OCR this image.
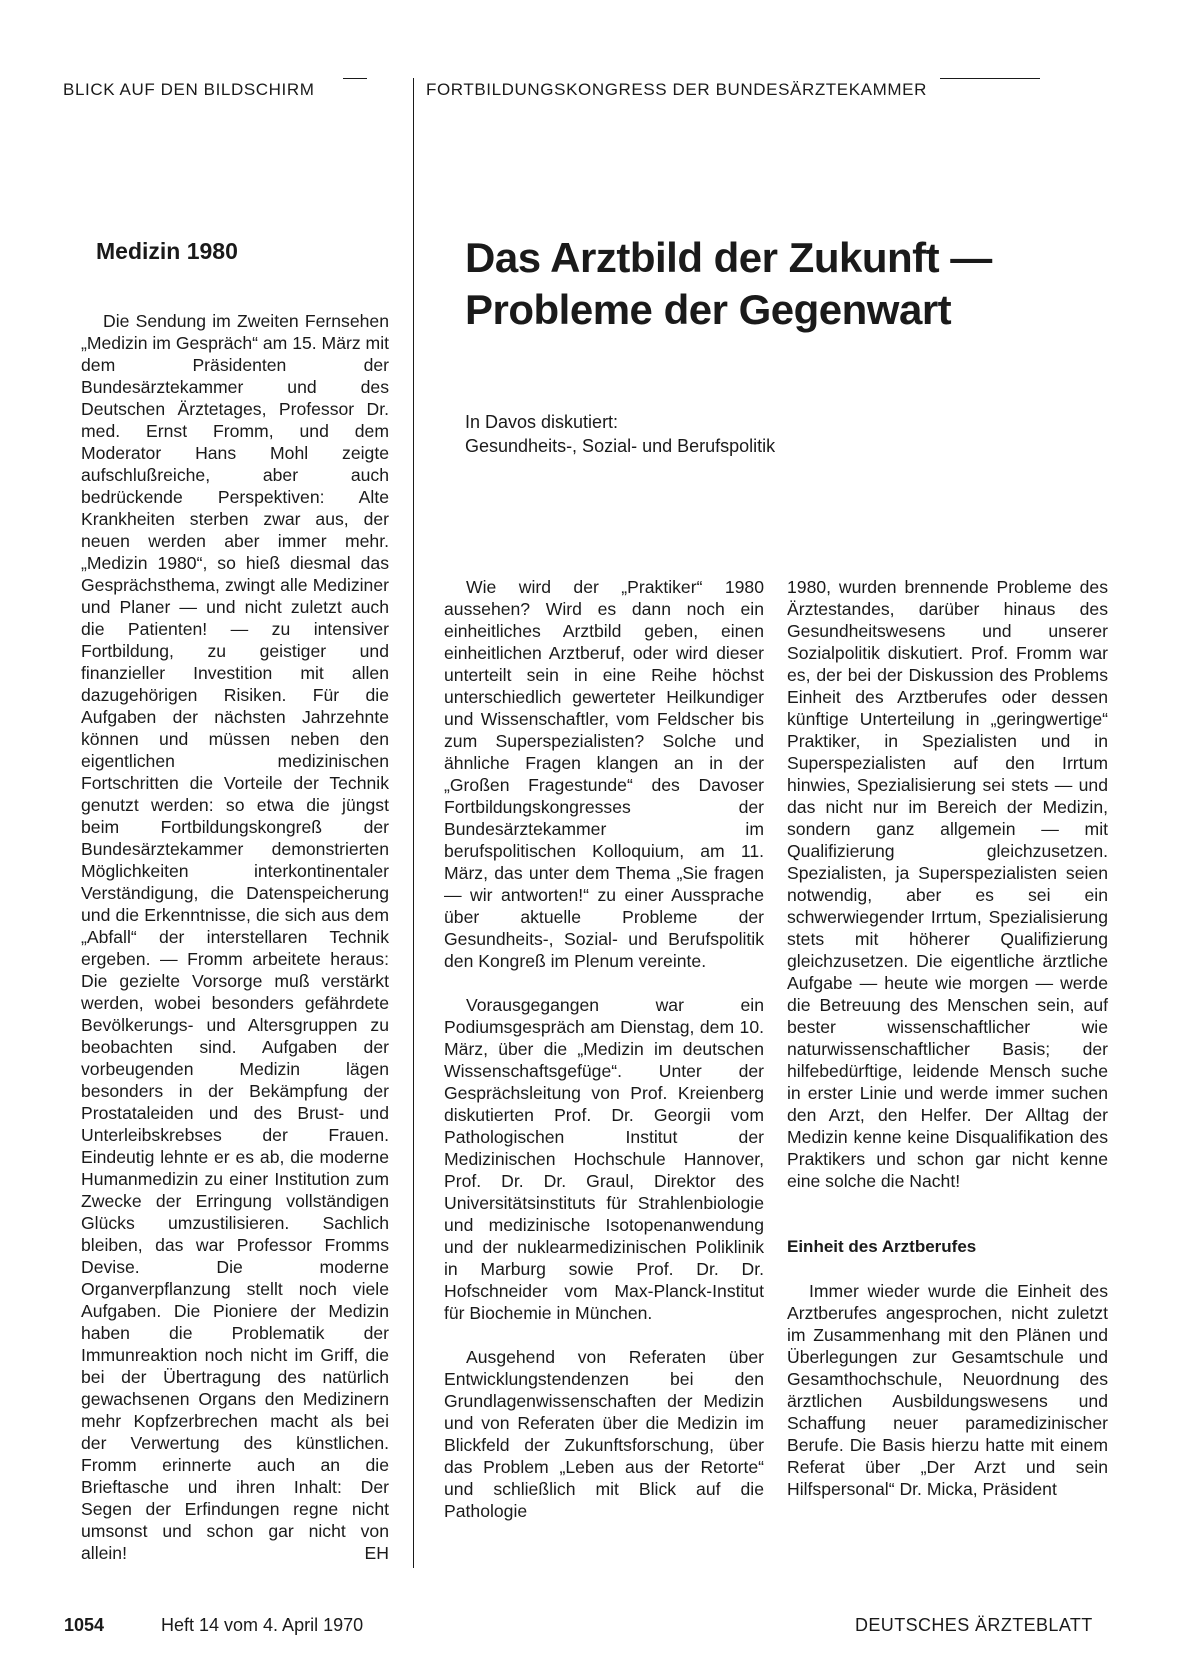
BLICK AUF DEN BILDSCHIRM	FORTBILDUNGSKONGRESS DER BUNDESÄRZTEKAMMER
Medizin 1980

Die Sendung im Zweiten Fernsehen „Medizin im Gespräch“ am 15. März mit dem Präsidenten der Bundesärztekammer und des Deutschen Ärztetages, Professor Dr. med. Ernst Fromm, und dem Moderator Hans Mohl zeigte aufschlußreiche, aber auch bedrückende Perspektiven: Alte Krankheiten sterben zwar aus, der neuen werden aber immer mehr. „Medizin 1980“, so hieß diesmal das Gesprächsthema, zwingt alle Mediziner und Planer — und nicht zuletzt auch die Patienten! — zu intensiver Fortbildung, zu geistiger und finanzieller Investition mit allen dazugehörigen Risiken. Für die Aufgaben der nächsten Jahrzehnte können und müssen neben den eigentlichen medizinischen Fortschritten die Vorteile der Technik genutzt werden: so etwa die jüngst beim Fortbildungskongreß der Bundesärztekammer demonstrierten Möglichkeiten interkontinentaler Verständigung, die Datenspeicherung und die Erkenntnisse, die sich aus dem „Abfall“ der interstellaren Technik ergeben. — Fromm arbeitete heraus: Die gezielte Vorsorge muß verstärkt werden, wobei besonders gefährdete Bevölkerungs- und Altersgruppen zu beobachten sind. Aufgaben der vorbeugenden Medizin lägen besonders in der Bekämpfung der Prostataleiden und des Brust- und Unterleibskrebses der Frauen. Eindeutig lehnte er es ab, die moderne Humanmedizin zu einer Institution zum Zwecke der Erringung vollständigen Glücks umzustilisieren. Sachlich bleiben, das war Professor Fromms Devise. Die moderne Organverpflanzung stellt noch viele Aufgaben. Die Pioniere der Medizin haben die Problematik der Immunreaktion noch nicht im Griff, die bei der Übertragung des natürlich gewachsenen Organs den Medizinern mehr Kopfzerbrechen macht als bei der Verwertung des künstlichen. Fromm erinnerte auch an die Brieftasche und ihren Inhalt: Der Segen der Erfindungen regne nicht umsonst und schon gar nicht von allein!	EH

Das Arztbild der Zukunft —
Probleme der Gegenwart
In Davos diskutiert:
Gesundheits-, Sozial- und Berufspolitik

Wie wird der „Praktiker“ 1980 aussehen? Wird es dann noch ein einheitliches Arztbild geben, einen einheitlichen Arztberuf, oder wird dieser unterteilt sein in eine Reihe höchst unterschiedlich gewerteter Heilkundiger und Wissenschaftler, vom Feldscher bis zum Superspezialisten? Solche und ähnliche Fragen klangen an in der „Großen Fragestunde“ des Davoser Fortbildungskongresses der Bundesärztekammer im berufspolitischen Kolloquium, am 11. März, das unter dem Thema „Sie fragen — wir antworten!“ zu einer Aussprache über aktuelle Probleme der Gesundheits-, Sozial- und Berufspolitik den Kongreß im Plenum vereinte.

Vorausgegangen war ein Podiumsgespräch am Dienstag, dem 10. März, über die „Medizin im deutschen Wissenschaftsgefüge“. Unter der Gesprächsleitung von Prof. Kreienberg diskutierten Prof. Dr. Georgii vom Pathologischen Institut der Medizinischen Hochschule Hannover, Prof. Dr. Dr. Graul, Direktor des Universitätsinstituts für Strahlenbiologie und medizinische Isotopenanwendung und der nuklearmedizinischen Poliklinik in Marburg sowie Prof. Dr. Dr. Hofschneider vom Max-Planck-Institut für Biochemie in München.

Ausgehend von Referaten über Entwicklungstendenzen bei den Grundlagenwissenschaften der Medizin und von Referaten über die Medizin im Blickfeld der Zukunftsforschung, über das Problem „Leben aus der Retorte“ und schließlich mit Blick auf die Pathologie

1980, wurden brennende Probleme des Ärztestandes, darüber hinaus des Gesundheitswesens und unserer Sozialpolitik diskutiert. Prof. Fromm war es, der bei der Diskussion des Problems Einheit des Arztberufes oder dessen künftige Unterteilung in „geringwertige“ Praktiker, in Spezialisten und in Superspezialisten auf den Irrtum hinwies, Spezialisierung sei stets — und das nicht nur im Bereich der Medizin, sondern ganz allgemein — mit Qualifizierung gleichzusetzen. Spezialisten, ja Superspezialisten seien notwendig, aber es sei ein schwerwiegender Irrtum, Spezialisierung stets mit höherer Qualifizierung gleichzusetzen. Die eigentliche ärztliche Aufgabe — heute wie morgen — werde die Betreuung des Menschen sein, auf bester wissenschaftlicher wie naturwissenschaftlicher Basis; der hilfebedürftige, leidende Mensch suche in erster Linie und werde immer suchen den Arzt, den Helfer. Der Alltag der Medizin kenne keine Disqualifikation des Praktikers und schon gar nicht kenne eine solche die Nacht!

Einheit des Arztberufes

Immer wieder wurde die Einheit des Arztberufes angesprochen, nicht zuletzt im Zusammenhang mit den Plänen und Überlegungen zur Gesamtschule und Gesamthochschule, Neuordnung des ärztlichen Ausbildungswesens und Schaffung neuer paramedizinischer Berufe. Die Basis hierzu hatte mit einem Referat über „Der Arzt und sein Hilfspersonal“ Dr. Micka, Präsident

1054	Heft 14 vom 4. April 1970	DEUTSCHES ÄRZTEBLATT
